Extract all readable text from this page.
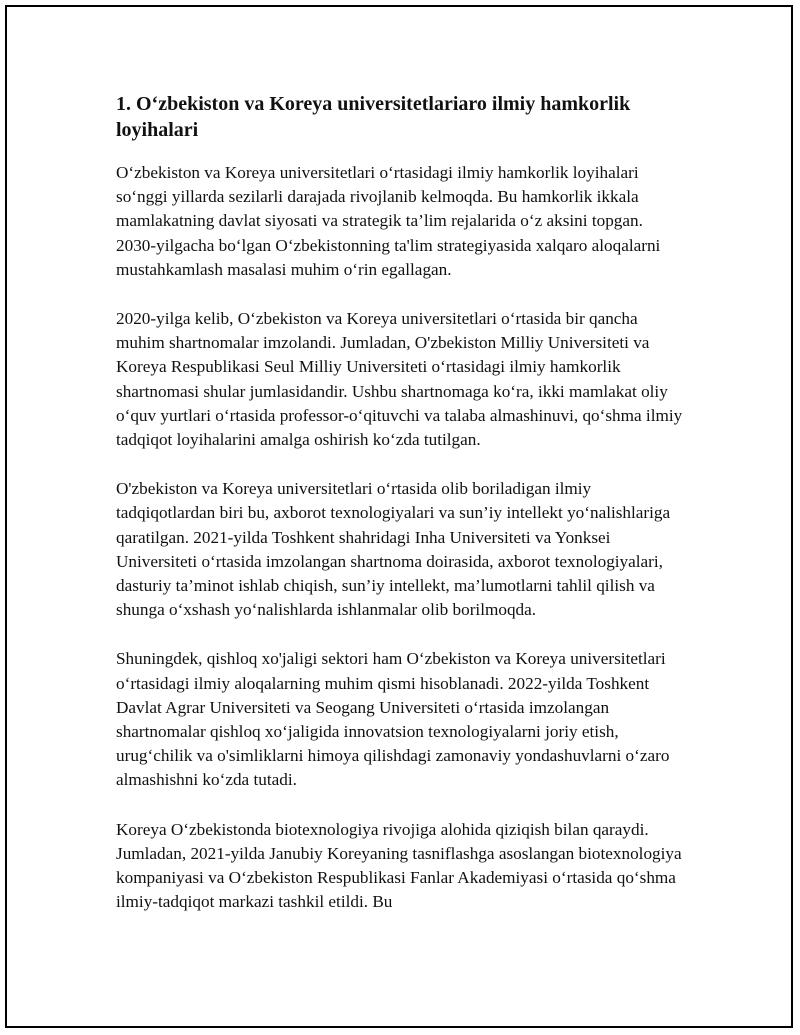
1. O‘zbekiston va Koreya universitetlariaro ilmiy hamkorlik loyihalari

O‘zbekiston va Koreya universitetlari o‘rtasidagi ilmiy hamkorlik loyihalari so‘nggi yillarda sezilarli darajada rivojlanib kelmoqda. Bu hamkorlik ikkala mamlakatning davlat siyosati va strategik ta’lim rejalarida o‘z aksini topgan. 2030-yilgacha bo‘lgan O‘zbekistonning ta'lim strategiyasida xalqaro aloqalarni mustahkamlash masalasi muhim o‘rin egallagan.

2020-yilga kelib, O‘zbekiston va Koreya universitetlari o‘rtasida bir qancha muhim shartnomalar imzolandi. Jumladan, O'zbekiston Milliy Universiteti va Koreya Respublikasi Seul Milliy Universiteti o‘rtasidagi ilmiy hamkorlik shartnomasi shular jumlasidandir. Ushbu shartnomaga ko‘ra, ikki mamlakat oliy o‘quv yurtlari o‘rtasida professor-o‘qituvchi va talaba almashinuvi, qo‘shma ilmiy tadqiqot loyihalarini amalga oshirish ko‘zda tutilgan.

O'zbekiston va Koreya universitetlari o‘rtasida olib boriladigan ilmiy tadqiqotlardan biri bu, axborot texnologiyalari va sun’iy intellekt yo‘nalishlariga qaratilgan. 2021-yilda Toshkent shahridagi Inha Universiteti va Yonksei Universiteti o‘rtasida imzolangan shartnoma doirasida, axborot texnologiyalari, dasturiy ta’minot ishlab chiqish, sun’iy intellekt, ma’lumotlarni tahlil qilish va shunga o‘xshash yo‘nalishlarda ishlanmalar olib borilmoqda.

Shuningdek, qishloq xo'jaligi sektori ham O‘zbekiston va Koreya universitetlari o‘rtasidagi ilmiy aloqalarning muhim qismi hisoblanadi. 2022-yilda Toshkent Davlat Agrar Universiteti va Seogang Universiteti o‘rtasida imzolangan shartnomalar qishloq xo‘jaligida innovatsion texnologiyalarni joriy etish, urug‘chilik va o'simliklarni himoya qilishdagi zamonaviy yondashuvlarni o‘zaro almashishni ko‘zda tutadi.

Koreya O‘zbekistonda biotexnologiya rivojiga alohida qiziqish bilan qaraydi. Jumladan, 2021-yilda Janubiy Koreyaning tasniflashga asoslangan biotexnologiya kompaniyasi va O‘zbekiston Respublikasi Fanlar Akademiyasi o‘rtasida qo‘shma ilmiy-tadqiqot markazi tashkil etildi. Bu
